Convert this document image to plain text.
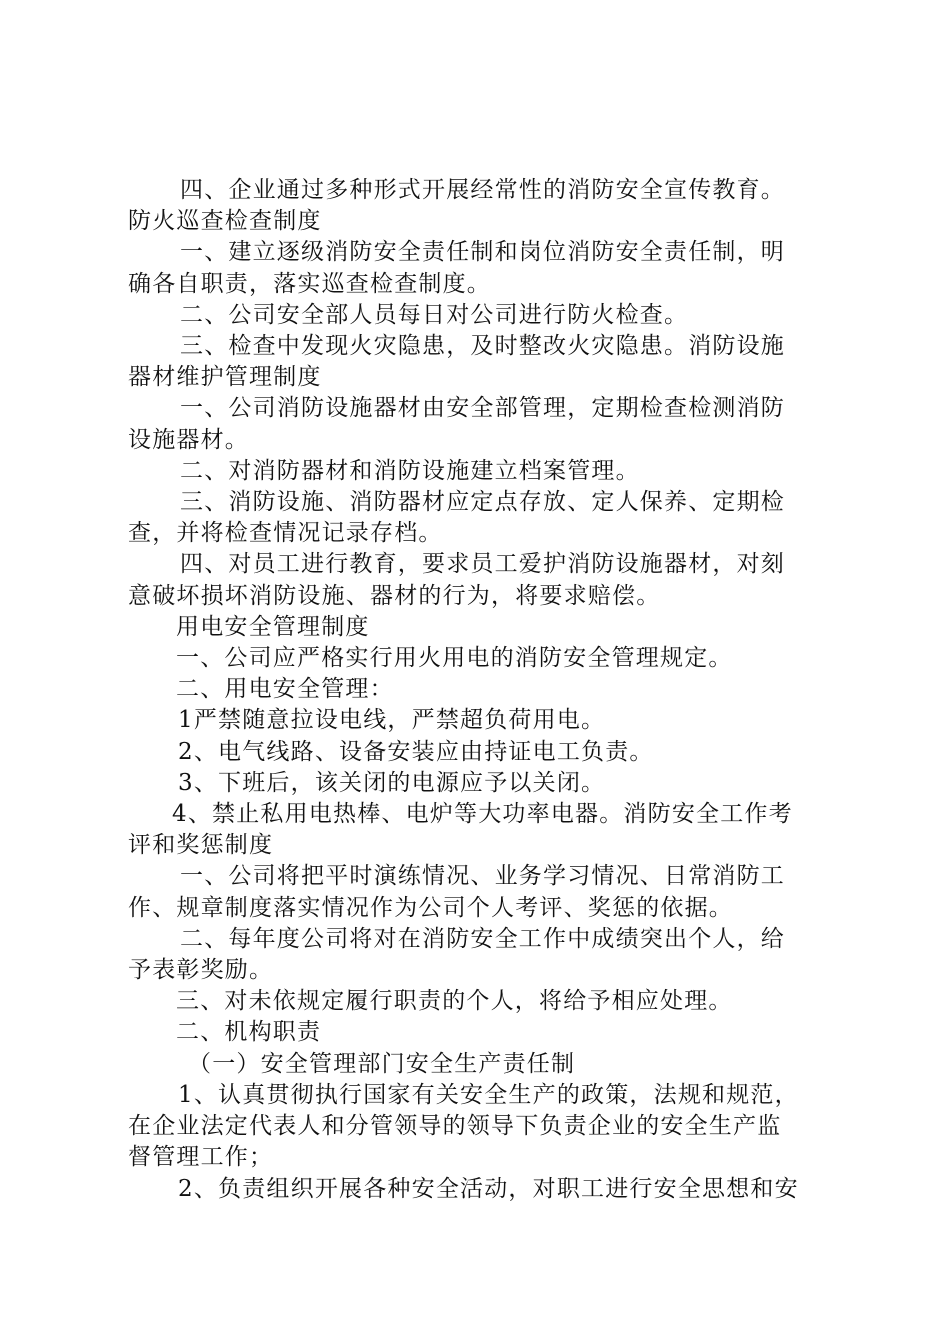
四、企业通过多种形式开展经常性的消防安全宣传教育。

防火巡查检查制度

一、建立逐级消防安全责任制和岗位消防安全责任制，明

确各自职责，落实巡查检查制度。

二、公司安全部人员每日对公司进行防火检查。

三、检查中发现火灾隐患，及时整改火灾隐患。消防设施

器材维护管理制度

一、公司消防设施器材由安全部管理，定期检查检测消防

设施器材。

二、对消防器材和消防设施建立档案管理。

三、消防设施、消防器材应定点存放、定人保养、定期检

查，并将检查情况记录存档。

四、对员工进行教育，要求员工爱护消防设施器材，对刻

意破坏损坏消防设施、器材的行为，将要求赔偿。

用电安全管理制度

一、公司应严格实行用火用电的消防安全管理规定。

二、用电安全管理：

1严禁随意拉设电线，严禁超负荷用电。

2、电气线路、设备安装应由持证电工负责。

3、下班后，该关闭的电源应予以关闭。

4、禁止私用电热棒、电炉等大功率电器。消防安全工作考

评和奖惩制度

一、公司将把平时演练情况、业务学习情况、日常消防工

作、规章制度落实情况作为公司个人考评、奖惩的依据。

二、每年度公司将对在消防安全工作中成绩突出个人，给

予表彰奖励。

三、对未依规定履行职责的个人，将给予相应处理。

二、机构职责

（一）安全管理部门安全生产责任制

1、认真贯彻执行国家有关安全生产的政策，法规和规范，

在企业法定代表人和分管领导的领导下负责企业的安全生产监

督管理工作；

2、负责组织开展各种安全活动，对职工进行安全思想和安
